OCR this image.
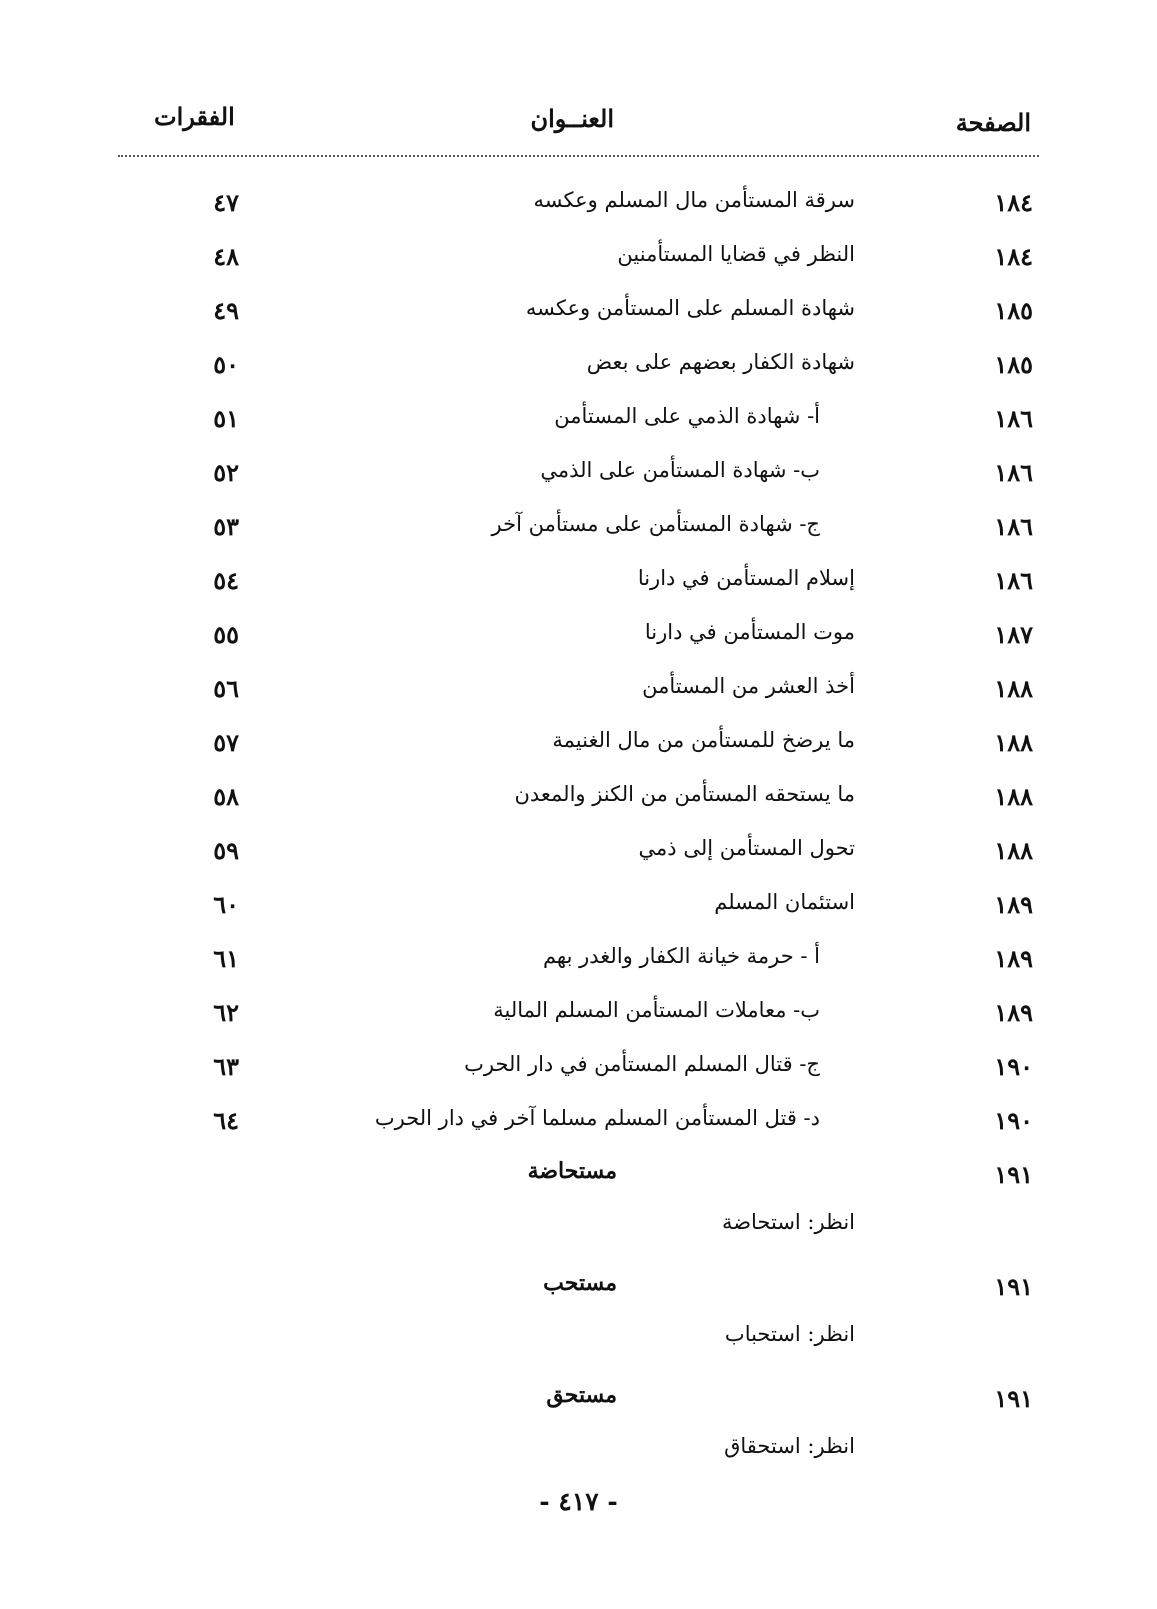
الصفحة
العنــوان
الفقرات
١٨٤
سرقة المستأمن مال المسلم وعكسه
٤٧
١٨٤
النظر في قضايا المستأمنين
٤٨
١٨٥
شهادة المسلم على المستأمن وعكسه
٤٩
١٨٥
شهادة الكفار بعضهم على بعض
٥٠
١٨٦
أ- شهادة الذمي على المستأمن
٥١
١٨٦
ب- شهادة المستأمن على الذمي
٥٢
١٨٦
ج- شهادة المستأمن على مستأمن آخر
٥٣
١٨٦
إسلام المستأمن في دارنا
٥٤
١٨٧
موت المستأمن في دارنا
٥٥
١٨٨
أخذ العشر من المستأمن
٥٦
١٨٨
ما يرضخ للمستأمن من مال الغنيمة
٥٧
١٨٨
ما يستحقه المستأمن من الكنز والمعدن
٥٨
١٨٨
تحول المستأمن إلى ذمي
٥٩
١٨٩
استئمان المسلم
٦٠
١٨٩
أ - حرمة خيانة الكفار والغدر بهم
٦١
١٨٩
ب- معاملات المستأمن المسلم المالية
٦٢
١٩٠
ج- قتال المسلم المستأمن في دار الحرب
٦٣
١٩٠
د- قتل المستأمن المسلم مسلما آخر في دار الحرب
٦٤
١٩١
مستحاضة
انظر: استحاضة
١٩١
مستحب
انظر: استحباب
١٩١
مستحق
انظر: استحقاق
- ٤١٧ -
